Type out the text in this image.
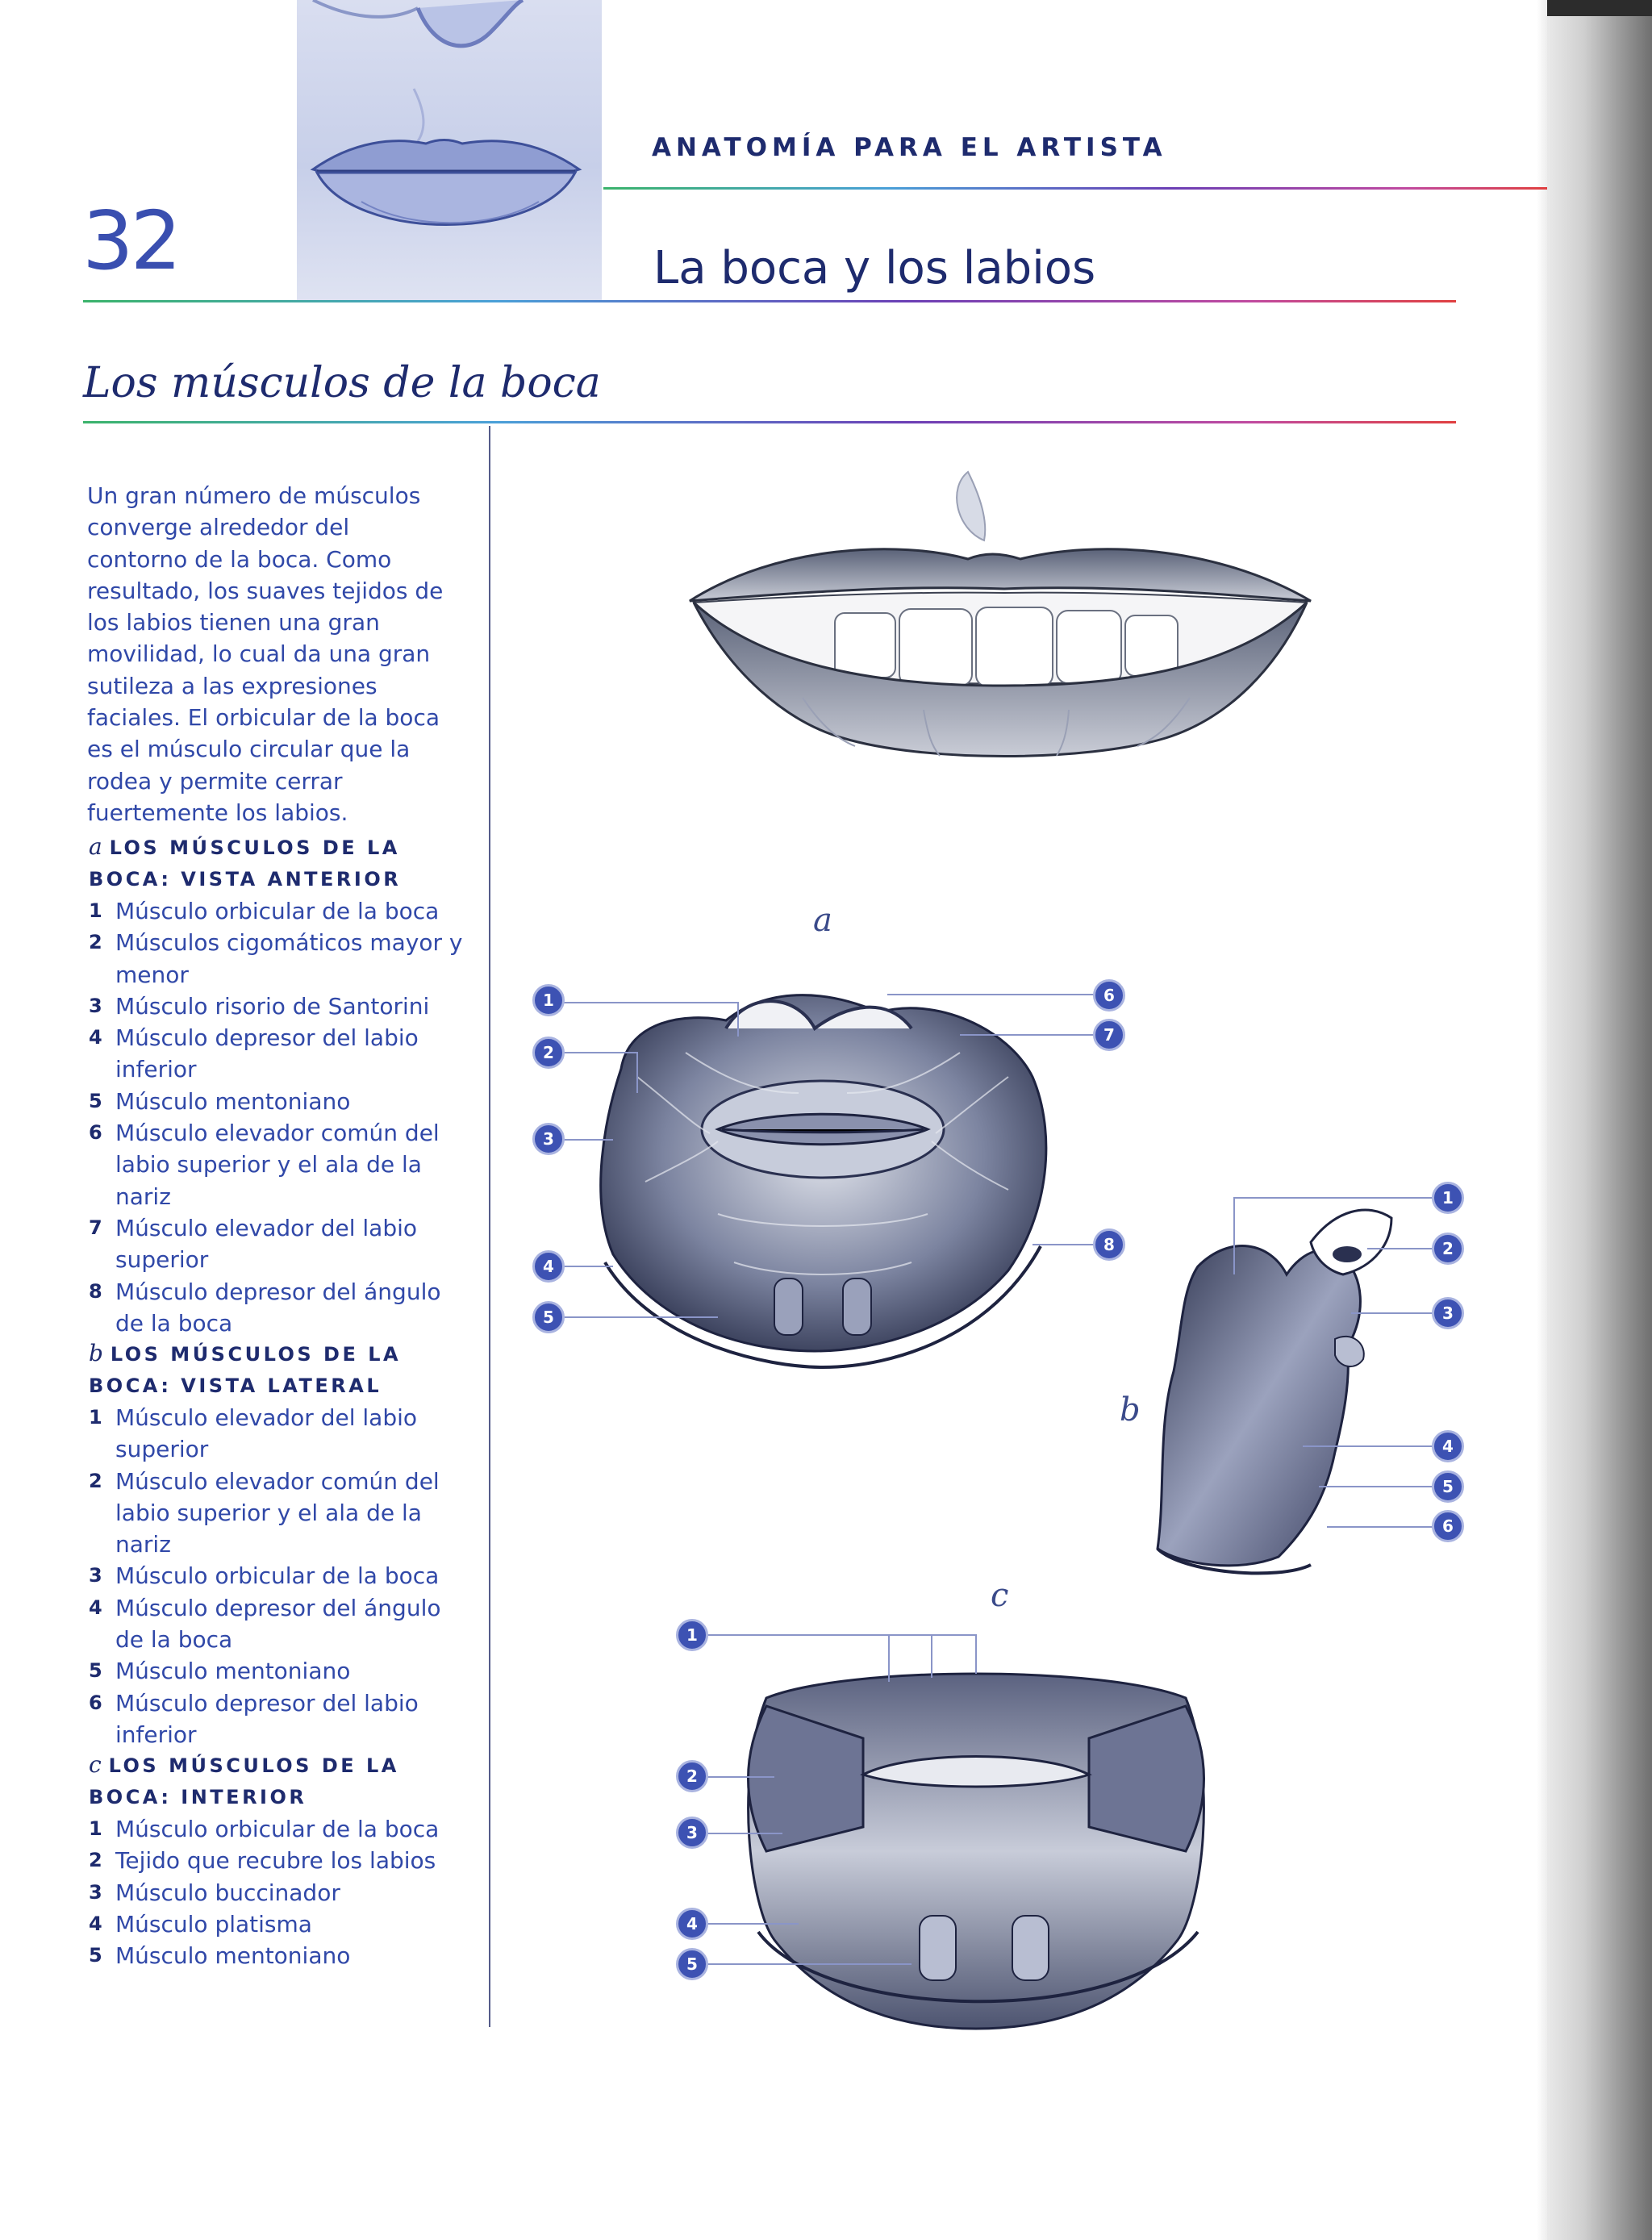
32
ANATOMÍA PARA EL ARTISTA
La boca y los labios
Los músculos de la boca
Un gran número de músculos converge alrededor del contorno de la boca. Como resultado, los suaves tejidos de los labios tienen una gran movilidad, lo cual da una gran sutileza a las expresiones faciales. El orbicular de la boca es el músculo circular que la rodea y permite cerrar fuertemente los labios.
a LOS MÚSCULOS DE LA BOCA: VISTA ANTERIOR
1 Músculo orbicular de la boca
2 Músculos cigomáticos mayor y menor
3 Músculo risorio de Santorini
4 Músculo depresor del labio inferior
5 Músculo mentoniano
6 Músculo elevador común del labio superior y el ala de la nariz
7 Músculo elevador del labio superior
8 Músculo depresor del ángulo de la boca
b LOS MÚSCULOS DE LA BOCA: VISTA LATERAL
1 Músculo elevador del labio superior
2 Músculo elevador común del labio superior y el ala de la nariz
3 Músculo orbicular de la boca
4 Músculo depresor del ángulo de la boca
5 Músculo mentoniano
6 Músculo depresor del labio inferior
c LOS MÚSCULOS DE LA BOCA: INTERIOR
1 Músculo orbicular de la boca
2 Tejido que recubre los labios
3 Músculo buccinador
4 Músculo platisma
5 Músculo mentoniano
a
1
2
3
4
5
6
7
8
1
2
3
4
5
6
b
c
1
2
3
4
5
